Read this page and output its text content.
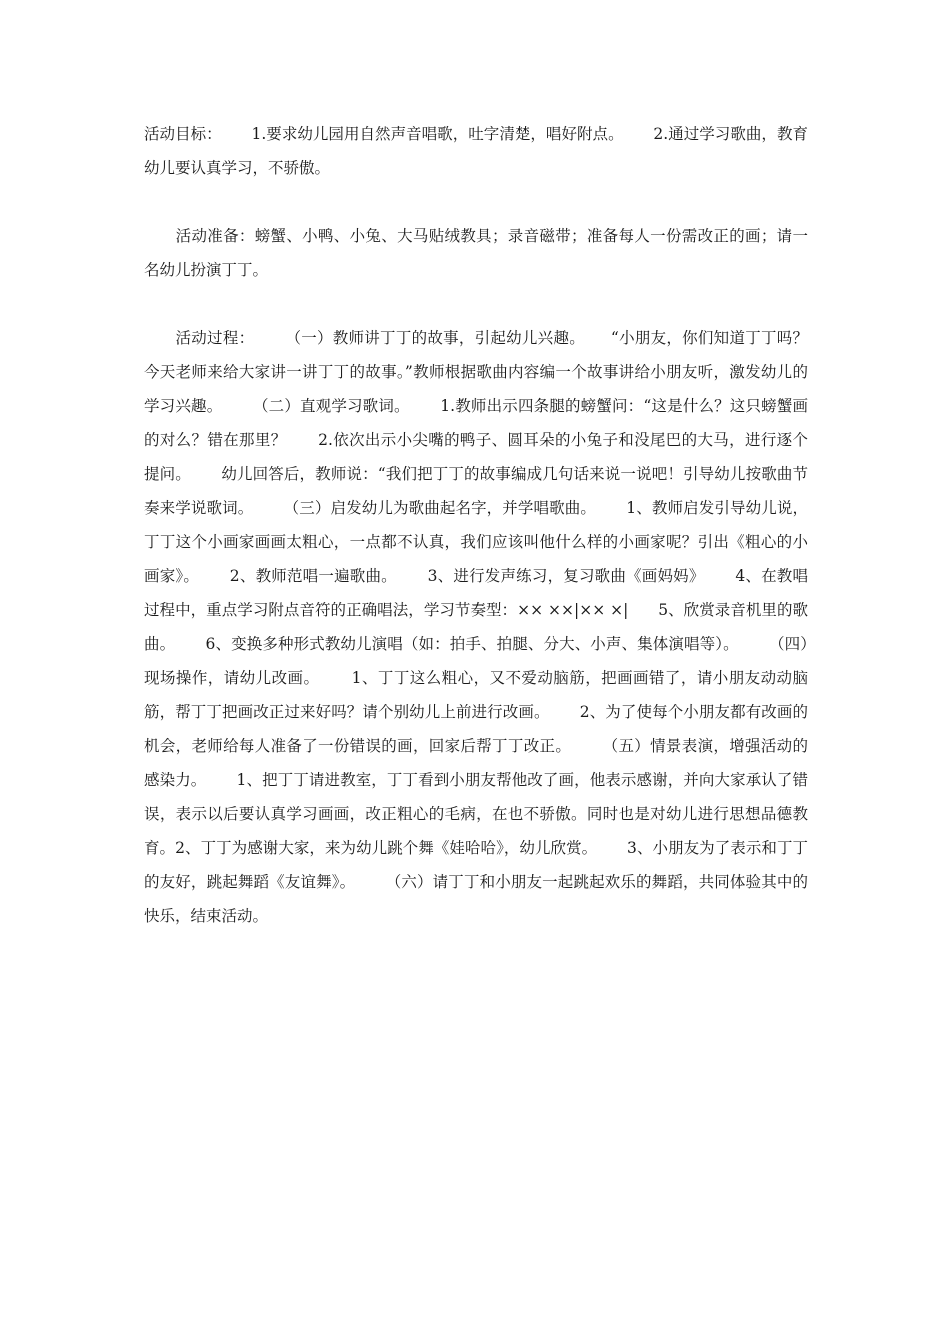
活动目标：      1.要求幼儿园用自然声音唱歌，吐字清楚，唱好附点。      2.通过学习歌曲，教育幼儿要认真学习，不骄傲。

　　活动准备：螃蟹、小鸭、小兔、大马贴绒教具；录音磁带；准备每人一份需改正的画；请一名幼儿扮演丁丁。

　　活动过程：      （一）教师讲丁丁的故事，引起幼儿兴趣。     “小朋友，你们知道丁丁吗？今天老师来给大家讲一讲丁丁的故事。”教师根据歌曲内容编一个故事讲给小朋友听，激发幼儿的学习兴趣。      （二）直观学习歌词。      1.教师出示四条腿的螃蟹问：“这是什么？这只螃蟹画的对么？错在那里？      2.依次出示小尖嘴的鸭子、圆耳朵的小兔子和没尾巴的大马，进行逐个提问。      幼儿回答后，教师说：“我们把丁丁的故事编成几句话来说一说吧！引导幼儿按歌曲节奏来学说歌词。      （三）启发幼儿为歌曲起名字，并学唱歌曲。      1、教师启发引导幼儿说，丁丁这个小画家画画太粗心，一点都不认真，我们应该叫他什么样的小画家呢？引出《粗心的小画家》。      2、教师范唱一遍歌曲。      3、进行发声练习，复习歌曲《画妈妈》      4、在教唱过程中，重点学习附点音符的正确唱法，学习节奏型：×× ××|×× ×|      5、欣赏录音机里的歌曲。      6、变换多种形式教幼儿演唱（如：拍手、拍腿、分大、小声、集体演唱等）。      （四）现场操作，请幼儿改画。      1、丁丁这么粗心，又不爱动脑筋，把画画错了，请小朋友动动脑筋，帮丁丁把画改正过来好吗？请个别幼儿上前进行改画。      2、为了使每个小朋友都有改画的机会，老师给每人准备了一份错误的画，回家后帮丁丁改正。      （五）情景表演，增强活动的感染力。      1、把丁丁请进教室，丁丁看到小朋友帮他改了画，他表示感谢，并向大家承认了错误，表示以后要认真学习画画，改正粗心的毛病，在也不骄傲。同时也是对幼儿进行思想品德教育。2、丁丁为感谢大家，来为幼儿跳个舞《娃哈哈》，幼儿欣赏。      3、小朋友为了表示和丁丁的友好，跳起舞蹈《友谊舞》。      （六）请丁丁和小朋友一起跳起欢乐的舞蹈，共同体验其中的快乐，结束活动。
